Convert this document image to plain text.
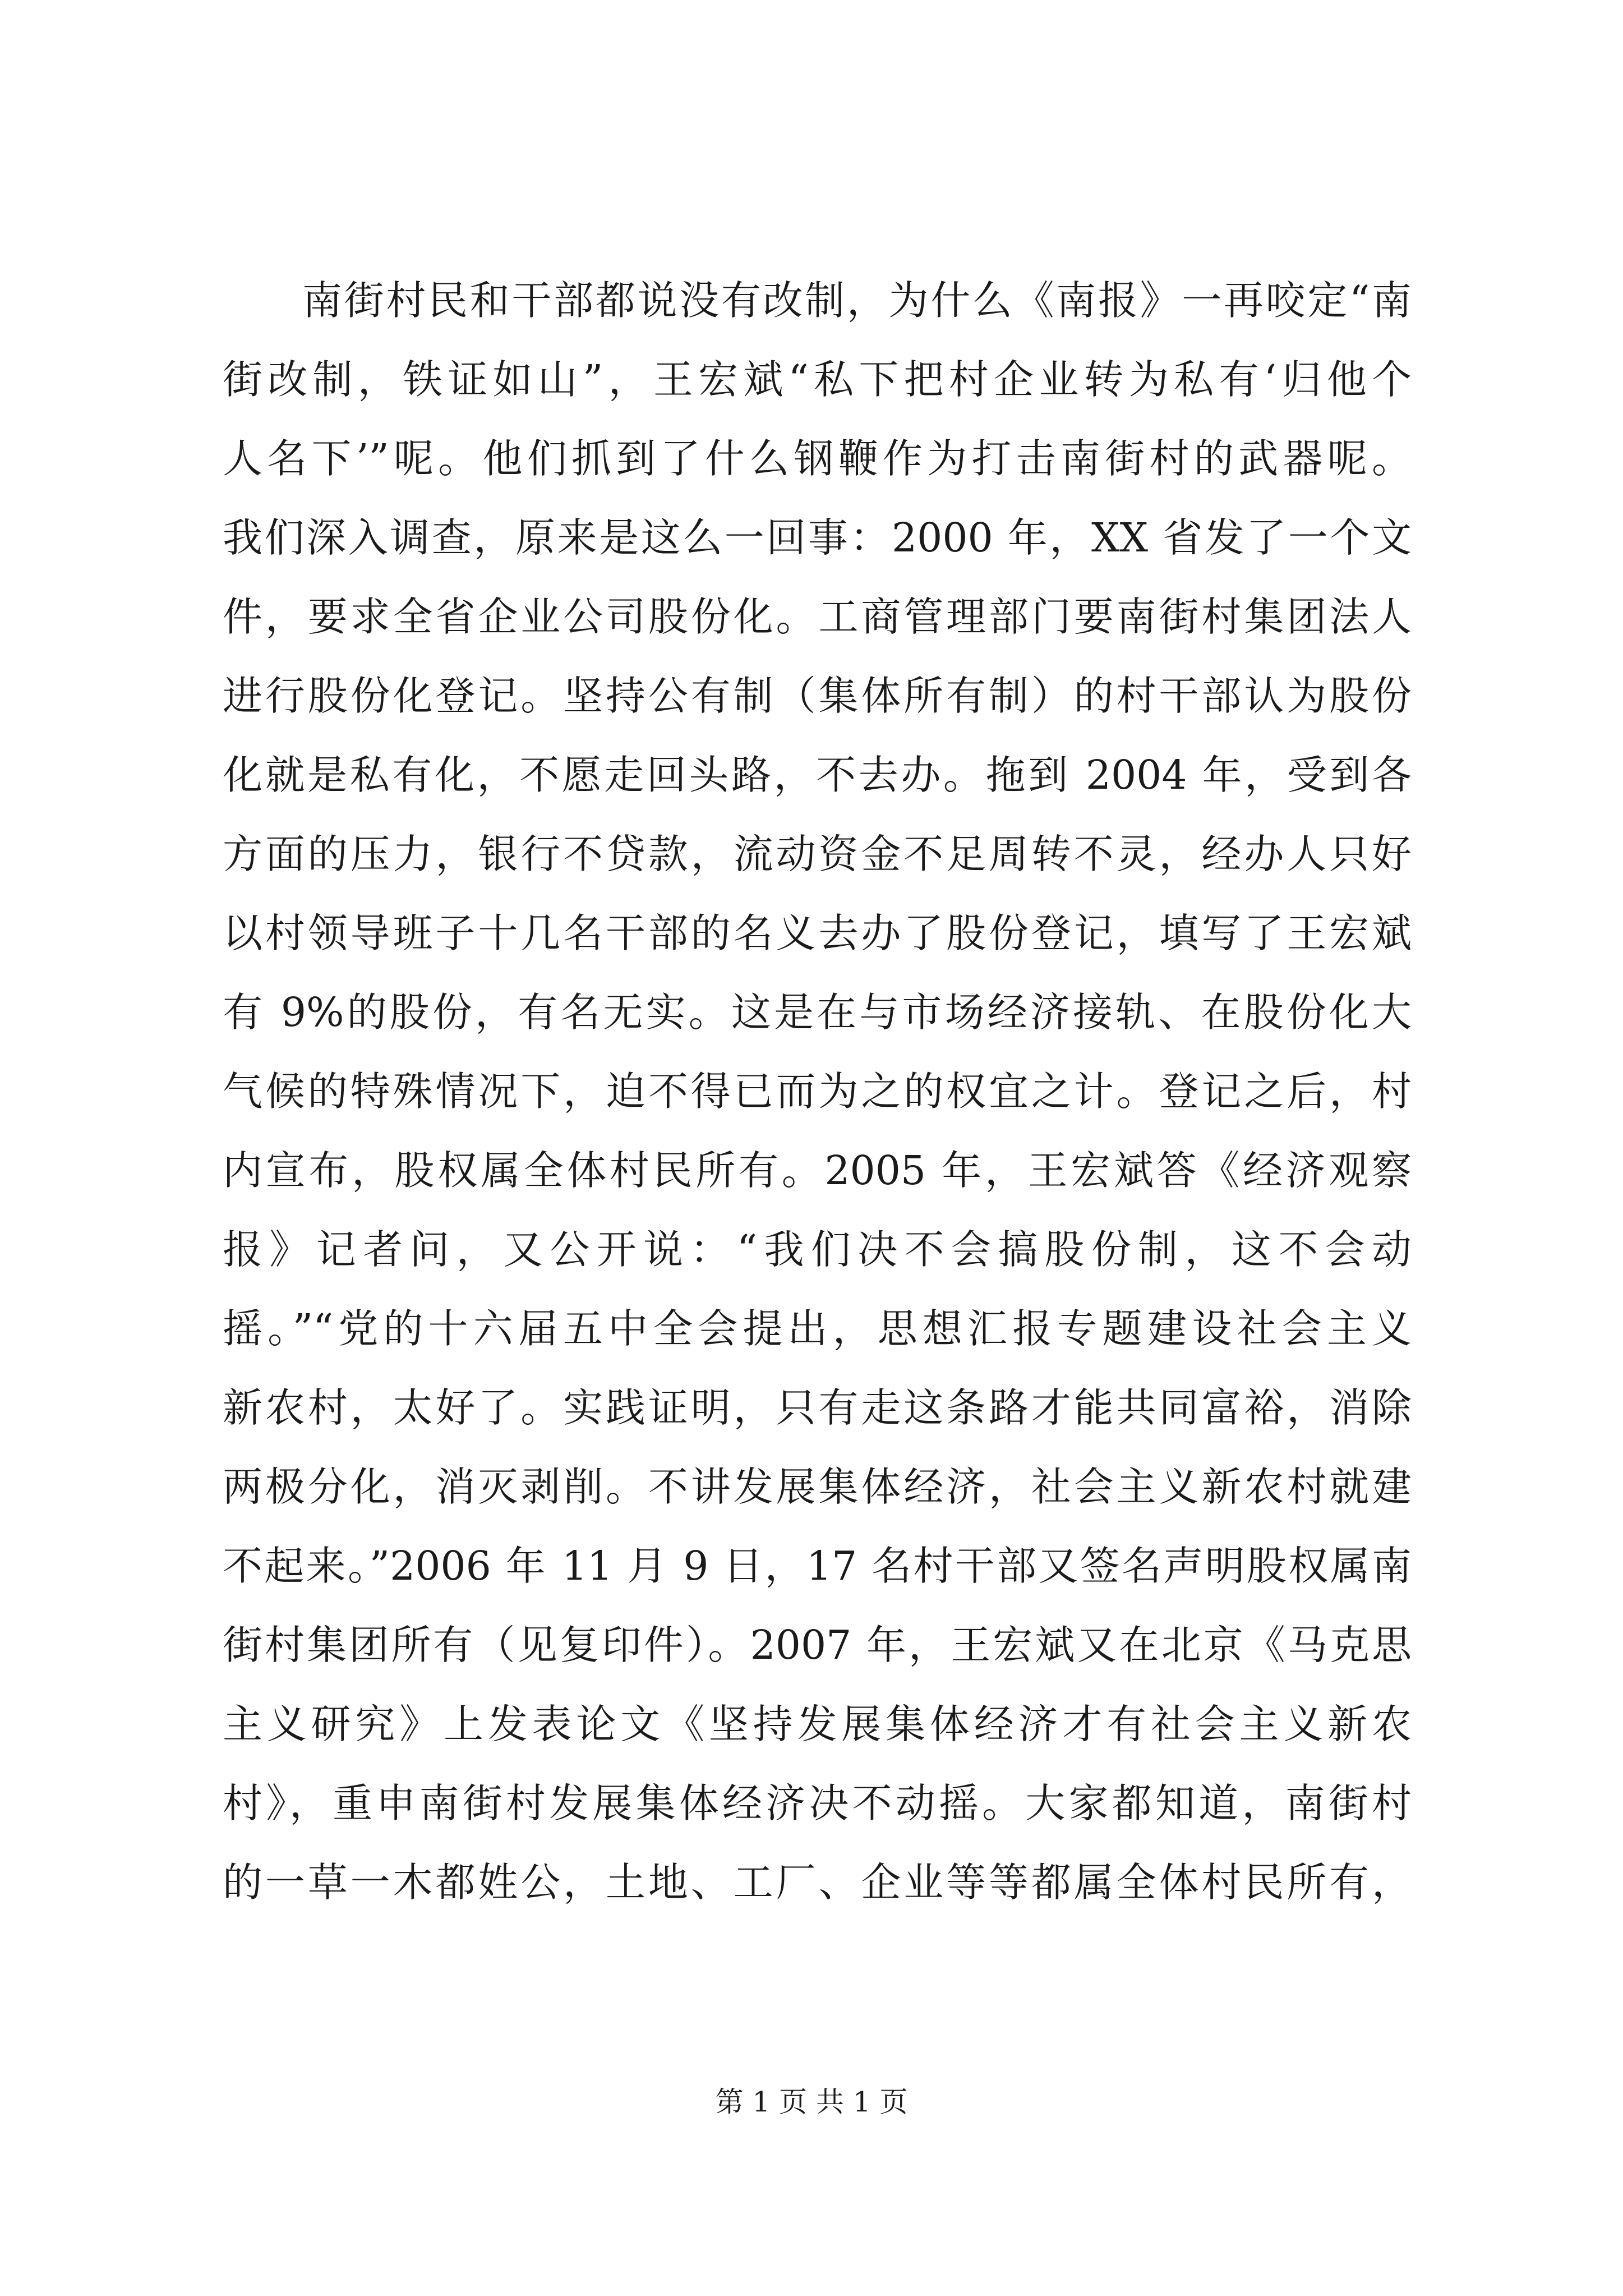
南街村民和干部都说没有改制，为什么《南报》一再咬定“南
街改制，铁证如山”，王宏斌“私下把村企业转为私有‘归他个
人名下’”呢。他们抓到了什么钢鞭作为打击南街村的武器呢。
我们深入调查，原来是这么一回事：2000 年，XX 省发了一个文
件，要求全省企业公司股份化。工商管理部门要南街村集团法人
进行股份化登记。坚持公有制（集体所有制）的村干部认为股份
化就是私有化，不愿走回头路，不去办。拖到 2004 年，受到各
方面的压力，银行不贷款，流动资金不足周转不灵，经办人只好
以村领导班子十几名干部的名义去办了股份登记，填写了王宏斌
有 9%的股份，有名无实。这是在与市场经济接轨、在股份化大
气候的特殊情况下，迫不得已而为之的权宜之计。登记之后，村
内宣布，股权属全体村民所有。2005 年，王宏斌答《经济观察
报》记者问，又公开说：“我们决不会搞股份制，这不会动
摇。”“党的十六届五中全会提出，思想汇报专题建设社会主义
新农村，太好了。实践证明，只有走这条路才能共同富裕，消除
两极分化，消灭剥削。不讲发展集体经济，社会主义新农村就建
不起来。”2006 年 11 月 9 日，17 名村干部又签名声明股权属南
街村集团所有（见复印件）。2007 年，王宏斌又在北京《马克思
主义研究》上发表论文《坚持发展集体经济才有社会主义新农
村》，重申南街村发展集体经济决不动摇。大家都知道，南街村
的一草一木都姓公，土地、工厂、企业等等都属全体村民所有，
第 1 页 共 1 页
